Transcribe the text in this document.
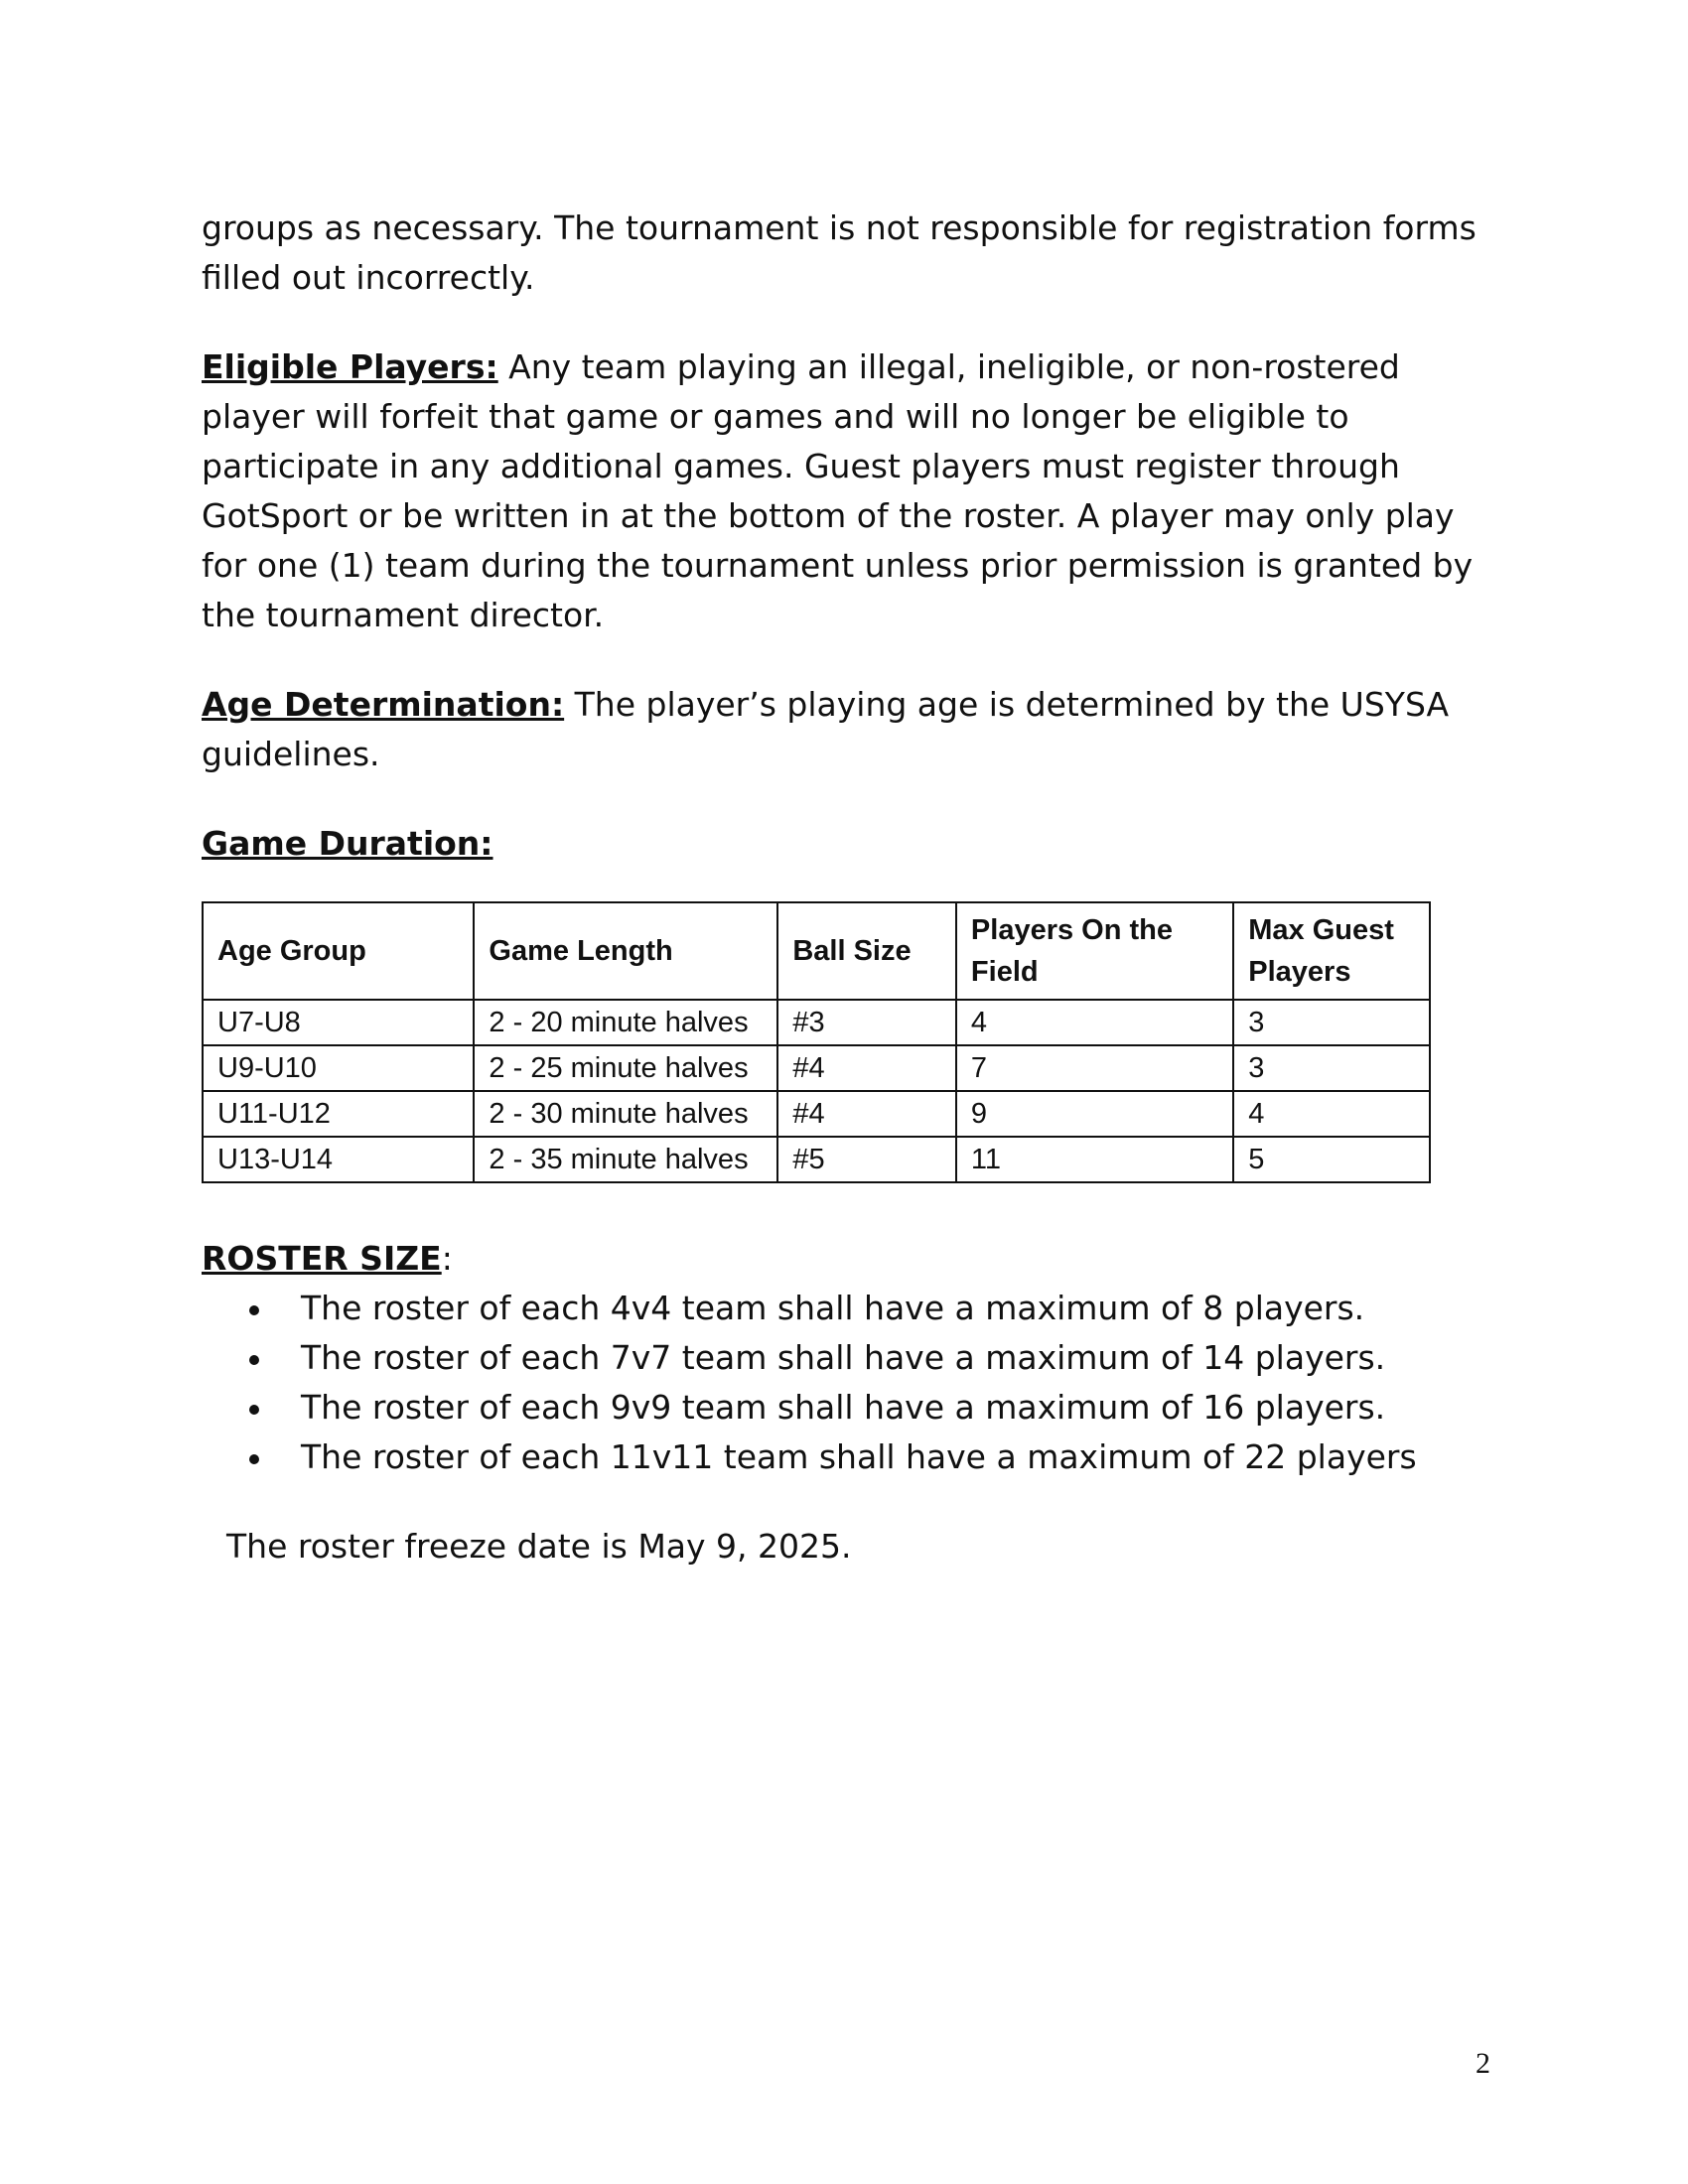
groups as necessary. The tournament is not responsible for registration forms filled out incorrectly.

Eligible Players: Any team playing an illegal, ineligible, or non-rostered player will forfeit that game or games and will no longer be eligible to participate in any additional games. Guest players must register through GotSport or be written in at the bottom of the roster. A player may only play for one (1) team during the tournament unless prior permission is granted by the tournament director.

Age Determination: The player’s playing age is determined by the USYSA guidelines.

Game Duration:

Age Group	Game Length	Ball Size	Players On the Field	Max Guest Players
U7-U8	2 - 20 minute halves	#3	4	3
U9-U10	2 - 25 minute halves	#4	7	3
U11-U12	2 - 30 minute halves	#4	9	4
U13-U14	2 - 35 minute halves	#5	11	5

ROSTER SIZE:

The roster of each 4v4 team shall have a maximum of 8 players.
The roster of each 7v7 team shall have a maximum of 14 players.
The roster of each 9v9 team shall have a maximum of 16 players.
The roster of each 11v11 team shall have a maximum of 22 players

The roster freeze date is May 9, 2025.

2
